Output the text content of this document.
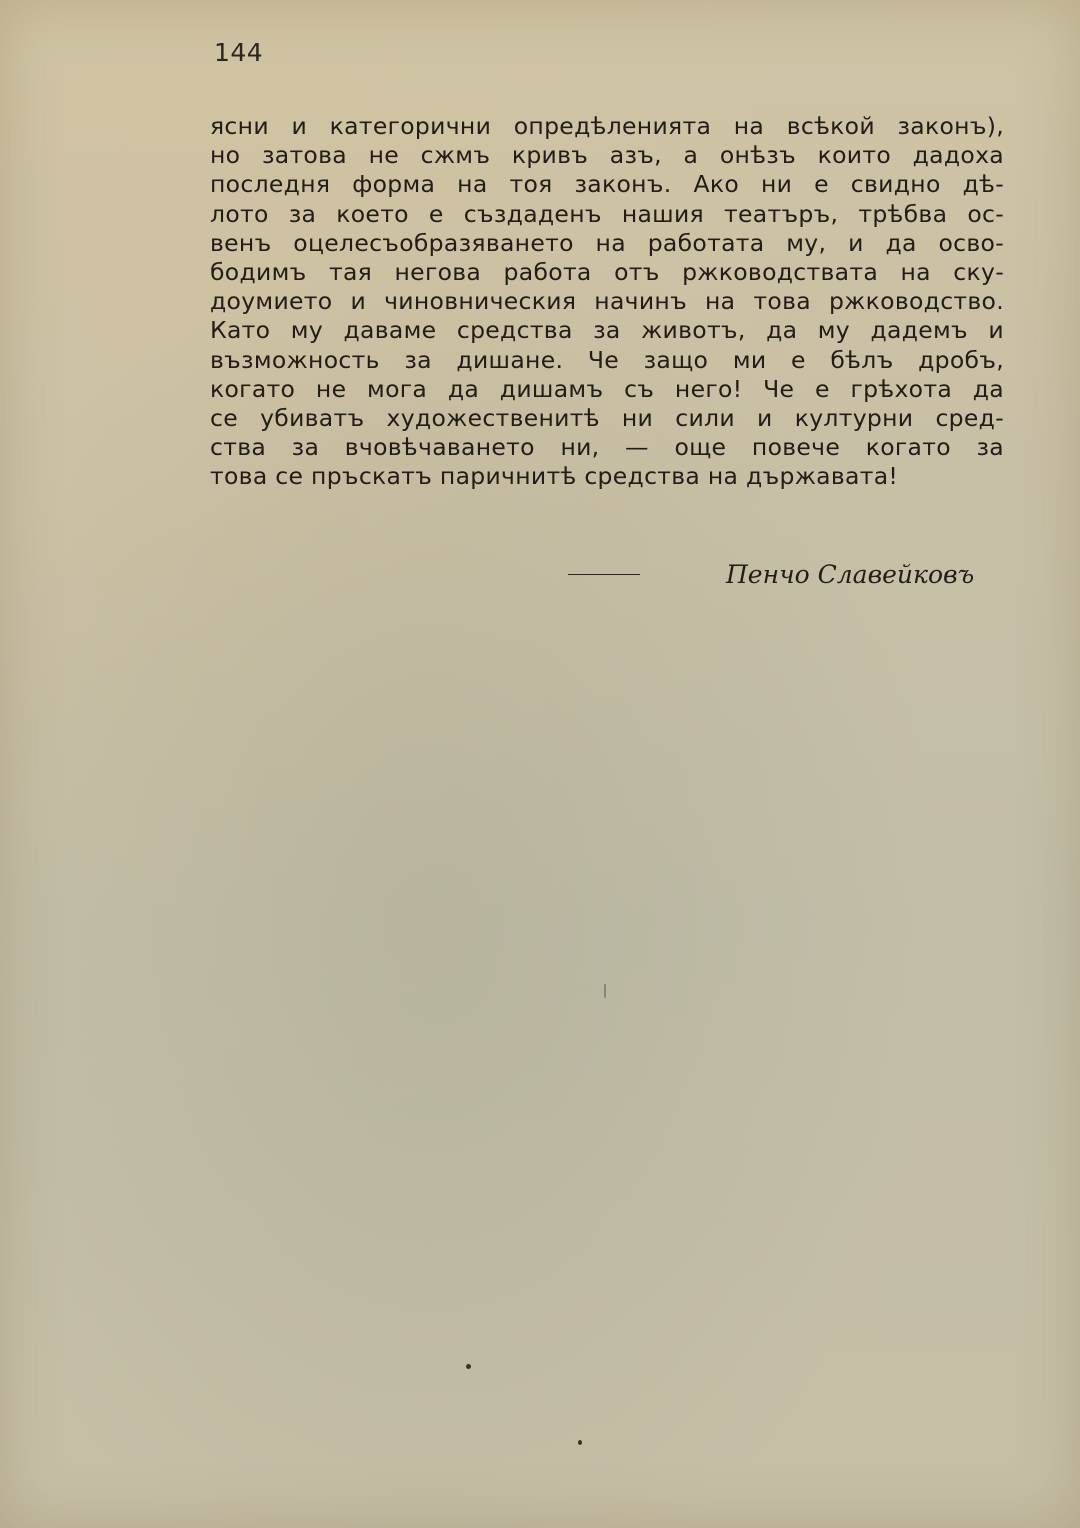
144
ясни и категорични опредѣленията на всѣкой законъ),
но затова не сжмъ кривъ азъ, а онѣзъ които дадоха
последня форма на тоя законъ. Ако ни е свидно дѣ-
лото за което е създаденъ нашия театъръ, трѣбва ос-
венъ оцелесъобразяването на работата му, и да осво-
бодимъ тая негова работа отъ ржководствата на ску-
доумието и чиновническия начинъ на това ржководство.
Като му даваме средства за животъ, да му дадемъ и
възможность за дишане. Че защо ми е бѣлъ дробъ,
когато не мога да дишамъ съ него! Че е грѣхота да
се убиватъ художественитѣ ни сили и културни сред-
ства за вчовѣчаването ни, — още повече когато за
това се пръскатъ паричнитѣ средства на държавата!
Пенчо Славейковъ
